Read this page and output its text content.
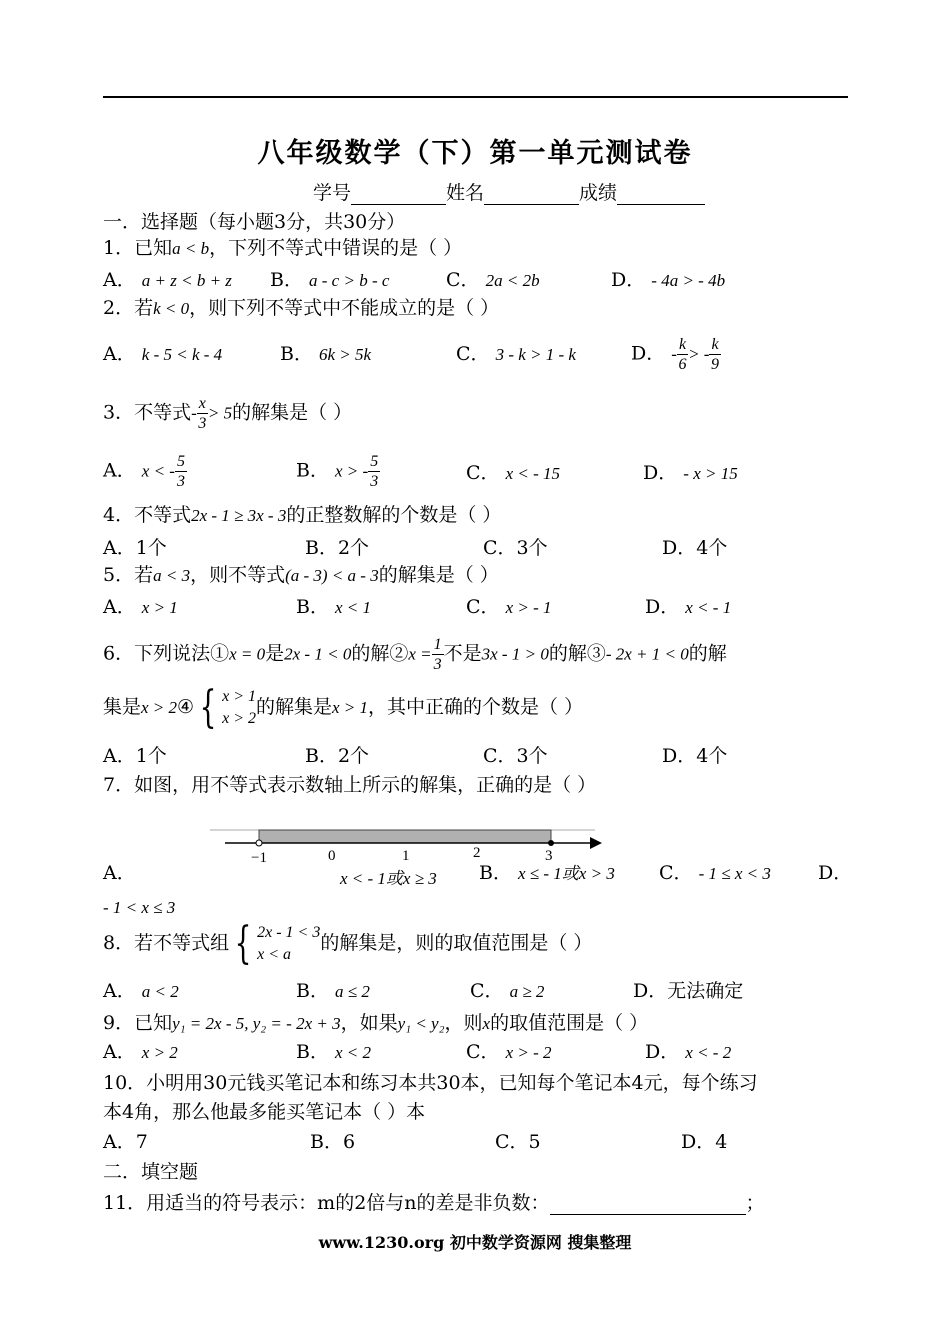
八年级数学（下）第一单元测试卷
学号	姓名	成绩
一．选择题（每小题3分，共30分）
1．已知a < b，下列不等式中错误的是（ ）
A． a + z < b + z B． a - c > b - c	C． 2a < 2b	D． - 4a > - 4b
2．若k < 0，则下列不等式中不能成立的是（ ）
A． k - 5 < k - 4	B． 6k > 5k	C． 3 - k > 1 - k	D． - $\frac{k}{6}$ > - $\frac{k}{9}$
3．不等式- $\frac{x}{3} > 5$的解集是（ ）
A． x < - $\frac{5}{3}$	B． x > - $\frac{5}{3}$	C． x < - 15	D． - x > 15
4．不等式2x - 1 ≥ 3x - 3的正整数解的个数是（ ）
A．1个	B．2个	C．3个	D．4个
5．若a < 3，则不等式(a - 3) < a - 3的解集是（ ）
A． x > 1	B． x < 1	C． x > - 1	D． x < - 1
6．下列说法①x = 0是2x - 1 < 0的解②x = $\frac{1}{3}$ 不是3x - 1 > 0的解③- 2x + 1 < 0的解
集是x > 2④ { x > 1
x > 2
的解集是x > 1，其中正确的个数是（ ）
A．1个	B．2个	C．3个	D．4个
7．如图，用不等式表示数轴上所示的解集，正确的是（ ）
−1	0	1	2	3
A．	x < - 1或x ≥ 3 B． x ≤ - 1或x > 3 C． - 1 ≤ x < 3 D．
- 1 < x ≤ 3
8．若不等式组 { 2x - 1 < 3
x < a
的解集是，则的取值范围是（ ）
A． a < 2	B． a ≤ 2	C． a ≥ 2	D．无法确定
9．已知y₁ = 2x - 5, y₂ = - 2x + 3，如果y₁ < y₂，则x的取值范围是（ ）
A． x > 2	B． x < 2	C． x > - 2	D． x < - 2
10．小明用30元钱买笔记本和练习本共30本，已知每个笔记本4元，每个练习
本4角，那么他最多能买笔记本（ ）本
A．7	B．6	C．5	D．4
二．填空题
11．用适当的符号表示：m的2倍与n的差是非负数：	；
www.1230.org 初中数学资源网 搜集整理
